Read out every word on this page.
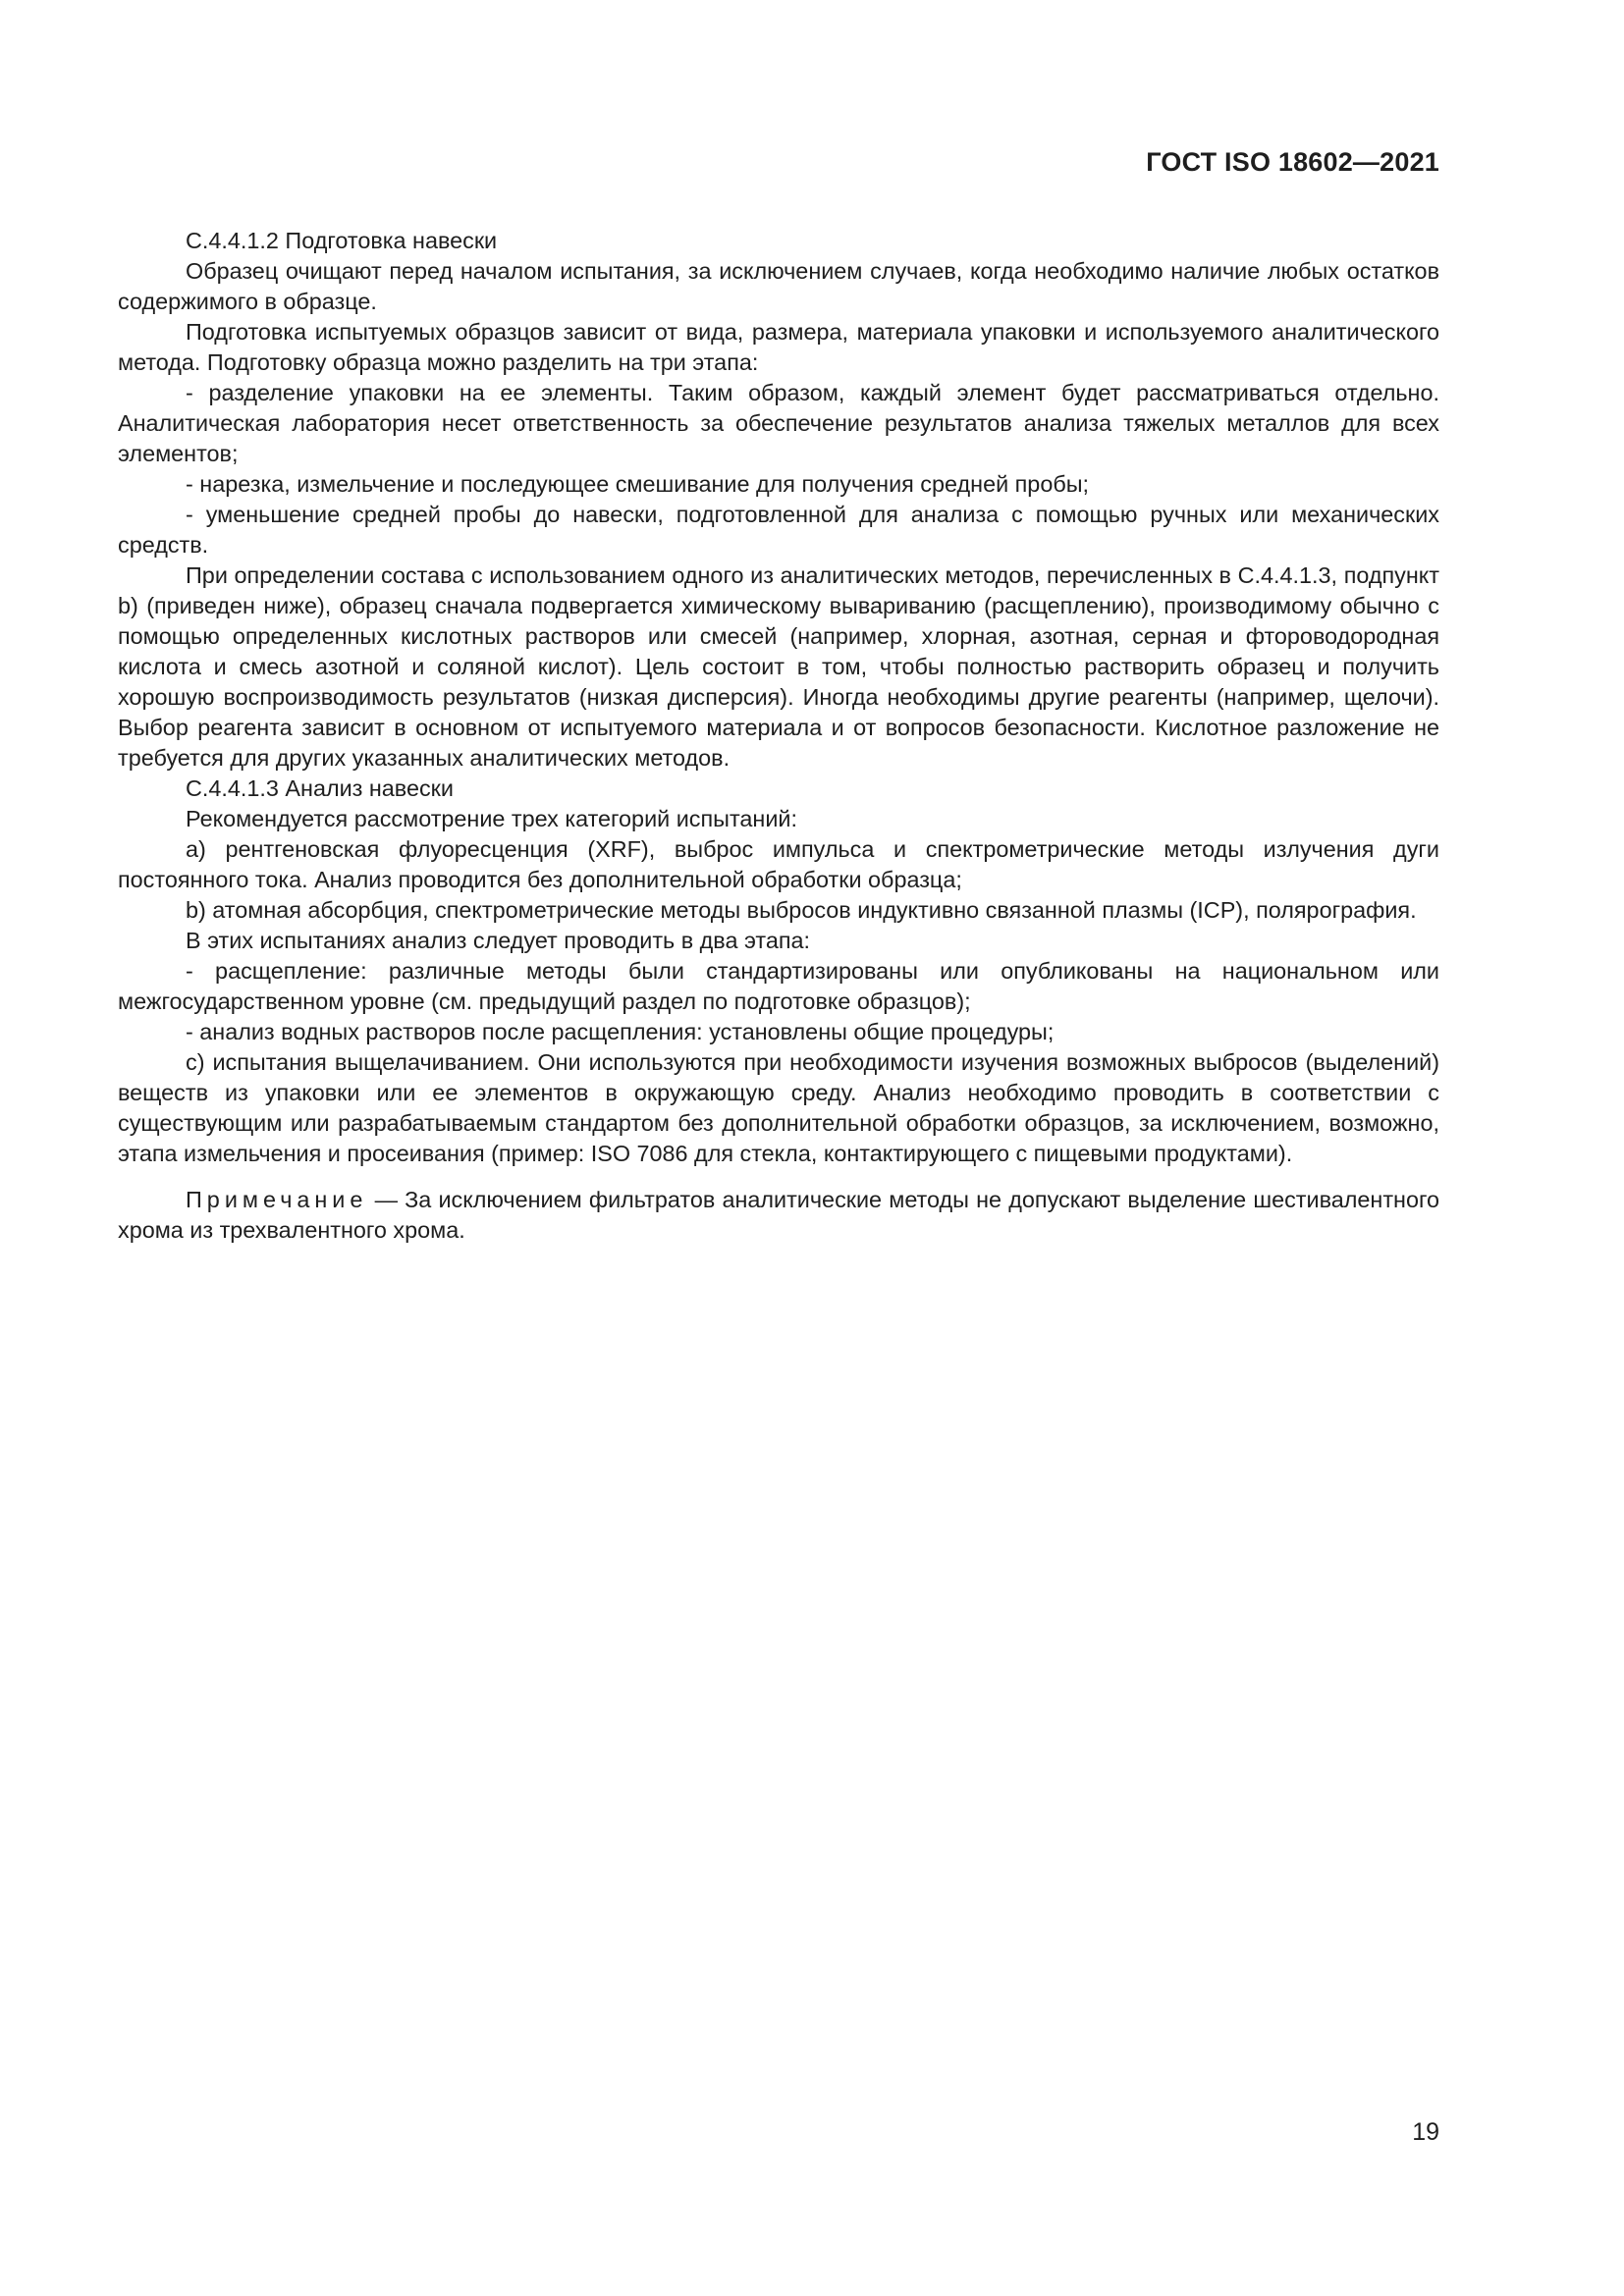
ГОСТ ISO 18602—2021

С.4.4.1.2 Подготовка навески

Образец очищают перед началом испытания, за исключением случаев, когда необходимо наличие любых остатков содержимого в образце.

Подготовка испытуемых образцов зависит от вида, размера, материала упаковки и используемого аналитического метода. Подготовку образца можно разделить на три этапа:

- разделение упаковки на ее элементы. Таким образом, каждый элемент будет рассматриваться отдельно. Аналитическая лаборатория несет ответственность за обеспечение результатов анализа тяжелых металлов для всех элементов;

- нарезка, измельчение и последующее смешивание для получения средней пробы;

- уменьшение средней пробы до навески, подготовленной для анализа с помощью ручных или механических средств.

При определении состава с использованием одного из аналитических методов, перечисленных в С.4.4.1.3, подпункт b) (приведен ниже), образец сначала подвергается химическому вывариванию (расщеплению), производимому обычно с помощью определенных кислотных растворов или смесей (например, хлорная, азотная, серная и фтороводородная кислота и смесь азотной и соляной кислот). Цель состоит в том, чтобы полностью растворить образец и получить хорошую воспроизводимость результатов (низкая дисперсия). Иногда необходимы другие реагенты (например, щелочи). Выбор реагента зависит в основном от испытуемого материала и от вопросов безопасности. Кислотное разложение не требуется для других указанных аналитических методов.

С.4.4.1.3 Анализ навески

Рекомендуется рассмотрение трех категорий испытаний:

a) рентгеновская флуоресценция (XRF), выброс импульса и спектрометрические методы излучения дуги постоянного тока. Анализ проводится без дополнительной обработки образца;

b) атомная абсорбция, спектрометрические методы выбросов индуктивно связанной плазмы (ICP), полярография.

В этих испытаниях анализ следует проводить в два этапа:

- расщепление: различные методы были стандартизированы или опубликованы на национальном или межгосударственном уровне (см. предыдущий раздел по подготовке образцов);

- анализ водных растворов после расщепления: установлены общие процедуры;

c) испытания выщелачиванием. Они используются при необходимости изучения возможных выбросов (выделений) веществ из упаковки или ее элементов в окружающую среду. Анализ необходимо проводить в соответствии с существующим или разрабатываемым стандартом без дополнительной обработки образцов, за исключением, возможно, этапа измельчения и просеивания (пример: ISO 7086 для стекла, контактирующего с пищевыми продуктами).

Примечание — За исключением фильтратов аналитические методы не допускают выделение шестивалентного хрома из трехвалентного хрома.

19
